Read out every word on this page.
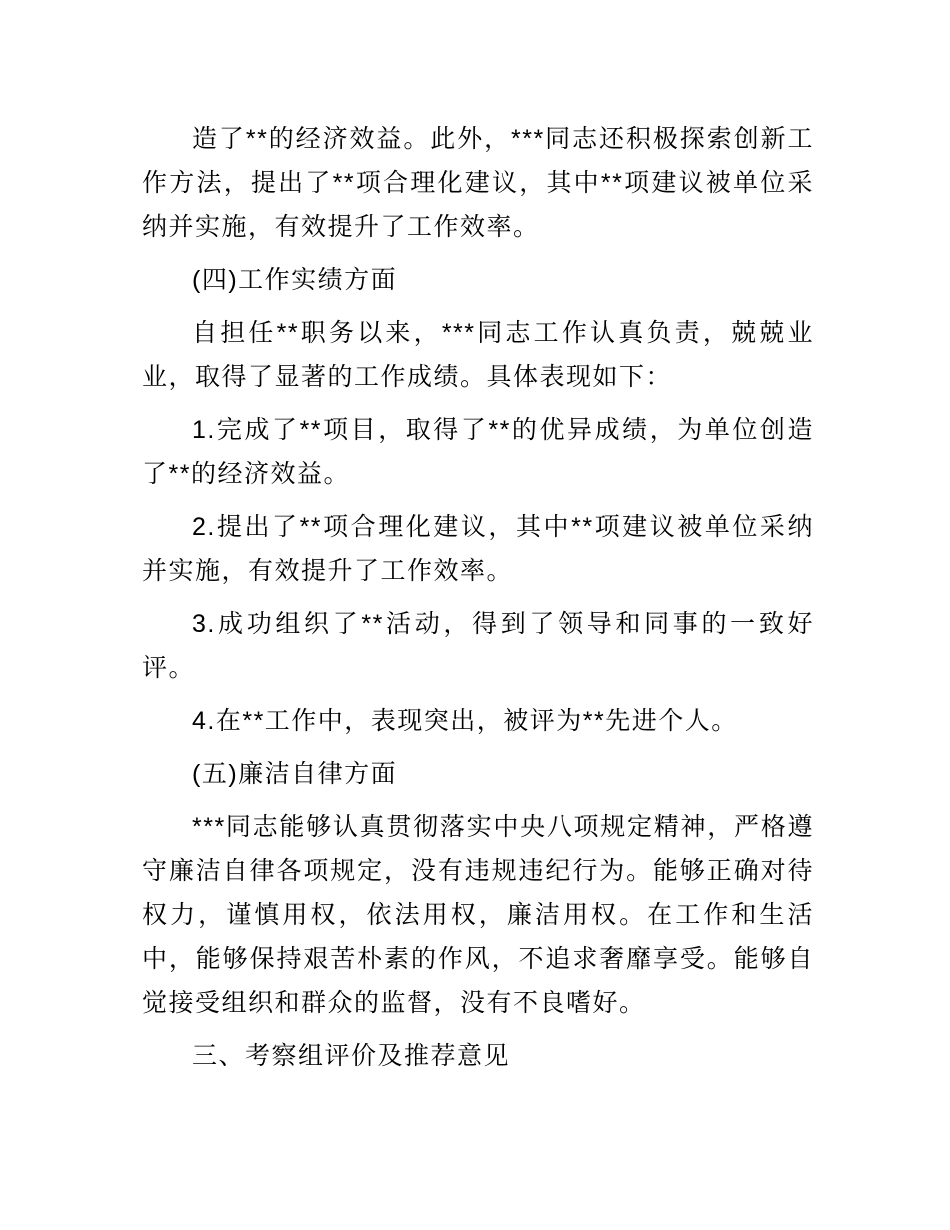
造了**的经济效益。此外，***同志还积极探索创新工作方法，提出了**项合理化建议，其中**项建议被单位采纳并实施，有效提升了工作效率。

(四)工作实绩方面

自担任**职务以来，***同志工作认真负责，兢兢业业，取得了显著的工作成绩。具体表现如下：

1.完成了**项目，取得了**的优异成绩，为单位创造了**的经济效益。

2.提出了**项合理化建议，其中**项建议被单位采纳并实施，有效提升了工作效率。

3.成功组织了**活动，得到了领导和同事的一致好评。

4.在**工作中，表现突出，被评为**先进个人。

(五)廉洁自律方面

***同志能够认真贯彻落实中央八项规定精神，严格遵守廉洁自律各项规定，没有违规违纪行为。能够正确对待权力，谨慎用权，依法用权，廉洁用权。在工作和生活中，能够保持艰苦朴素的作风，不追求奢靡享受。能够自觉接受组织和群众的监督，没有不良嗜好。

三、考察组评价及推荐意见
